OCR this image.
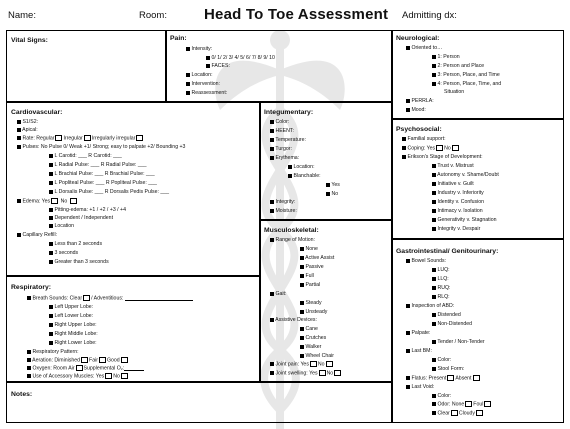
Name:	Room: Head To Toe Assessment Admitting dx:
Vital Signs:	Pain:
Intensity:
0/ 1/ 2/ 3/ 4/ 5/ 6/ 7/ 8/ 9/ 10
FACES:
Location:
Intervention:
Reassessment:
Neurological:
Oriented to…
1: Person
2: Person and Place
3: Person, Place, and Time
4: Person, Place, Time, and
Situation
PERRLA:
Mood:
Cardiovascular:
S1/S2:
Apical:
Rate: Regular Irregular Irregularly irregular
Pulses: No Pulse 0/ Weak +1/ Strong; easy to palpate +2/ Bounding +3
L Carotid: ___ R Carotid: ___
L Radial Pulse: ___ R Radial Pulse: ___
L Brachial Pulse: ___ R Brachial Pulse: ___
L Popliteal Pulse: ___ R Popliteal Pulse: ___
L Dorsalis Pulse: ___ R Dorsalis Pedis Pulse: ___
Edema: Yes No
Pitting-edema: +1 / +2 / +3 / +4
Dependent / Independent
Location
Capillary Refill:
Less than 2 seconds
3 seconds
Greater than 3 seconds
Integumentary:
Color:
HEENT:
Temperature:
Turgor:
Erythema:
Location:
Blanchable:
Yes
No
Integrity:
Moisture:
Psychosocial:
Familial support:
Coping: Yes No
Erikson's Stage of Development:
Trust v. Mistrust
Autonomy v. Shame/Doubt
Initiative v. Guilt
Industry v. Inferiority
Identity v. Confusion
Intimacy v. Isolation
Generativity v. Stagnation
Integrity v. Despair
Musculoskeletal:
Range of Motion:
None
Active Assist
Passive
Full
Partial
Gait:
Steady
Unsteady
Assistive Devices:
Cane
Crutches
Walker
Wheel Chair
Joint pain: Yes No
Joint swelling: Yes No
Respiratory:
Breath Sounds: Clear / Adventitious:
Left Upper Lobe:
Left Lower Lobe:
Right Upper Lobe:
Right Middle Lobe:
Right Lower Lobe:
Respiratory Pattern:
Aeration: Diminished Fair Good
Oxygen: Room Air Supplemental O₂:
Use of Accessory Muscles: Yes No
Gastrointestinal/ Genitourinary:
Bowel Sounds:
LUQ:
LLQ:
RUQ:
RLQ:
Inspection of ABD:
Distended
Non-Distended
Palpate:
Tender / Non-Tender
Last BM:
Color:
Stool Form:
Flatus: Present Absent
Last Void:
Color:
Odor: None Foul
Clear Cloudy
Notes:
